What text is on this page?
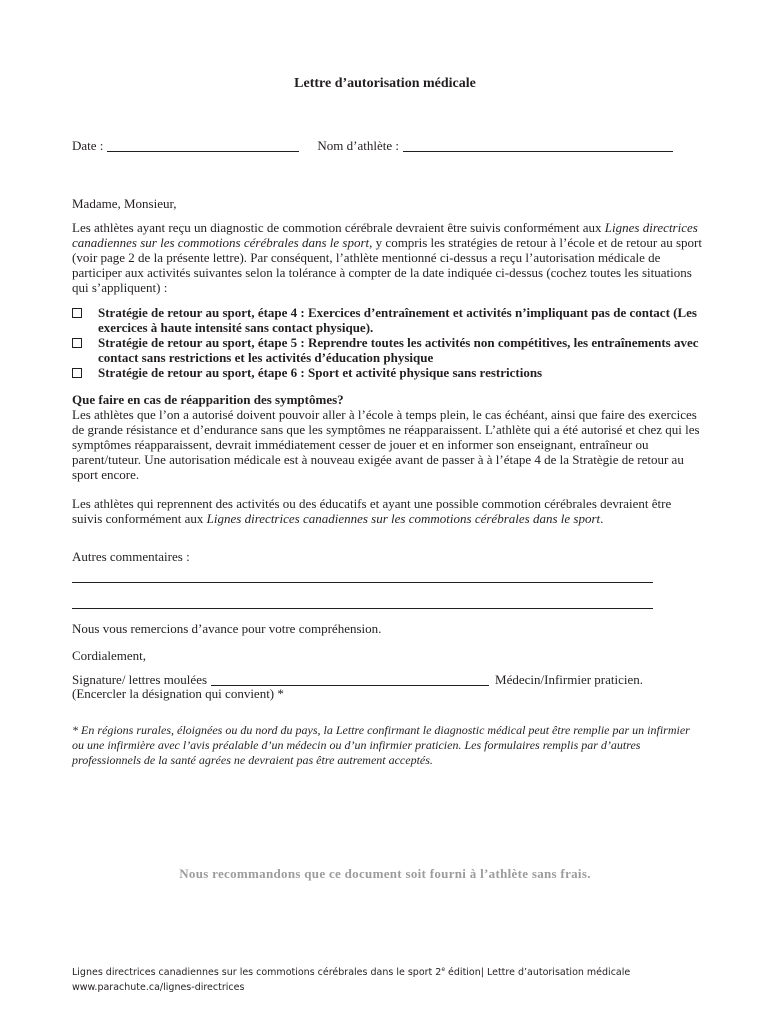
Lettre d’autorisation médicale
Date :	Nom d’athlète :

Madame, Monsieur,

Les athlètes ayant reçu un diagnostic de commotion cérébrale devraient être suivis conformément aux Lignes directrices canadiennes sur les commotions cérébrales dans le sport, y compris les stratégies de retour à l’école et de retour au sport (voir page 2 de la présente lettre). Par conséquent, l’athlète mentionné ci-dessus a reçu l’autorisation médicale de participer aux activités suivantes selon la tolérance à compter de la date indiquée ci-dessus (cochez toutes les situations qui s’appliquent) :

Stratégie de retour au sport, étape 4 : Exercices d’entraînement et activités n’impliquant pas de contact (Les exercices à haute intensité sans contact physique).
Stratégie de retour au sport, étape 5 : Reprendre toutes les activités non compétitives, les entraînements avec contact sans restrictions et les activités d’éducation physique
Stratégie de retour au sport, étape 6 : Sport et activité physique sans restrictions

Que faire en cas de réapparition des symptômes?

Les athlètes que l’on a autorisé doivent pouvoir aller à l’école à temps plein, le cas échéant, ainsi que faire des exercices de grande résistance et d’endurance sans que les symptômes ne réapparaissent. L’athlète qui a été autorisé et chez qui les symptômes réapparaissent, devrait immédiatement cesser de jouer et en informer son enseignant, entraîneur ou parent/tuteur. Une autorisation médicale est à nouveau exigée avant de passer à à l’étape 4 de la Stratègie de retour au sport encore.

Les athlètes qui reprennent des activités ou des éducatifs et ayant une possible commotion cérébrales devraient être suivis conformément aux Lignes directrices canadiennes sur les commotions cérébrales dans le sport.

Autres commentaires :
Nous vous remercions d’avance pour votre compréhension.
Cordialement,
Signature/ lettres moulées	Médecin/Infirmier praticien.
(Encercler la désignation qui convient) *
* En régions rurales, éloignées ou du nord du pays, la Lettre confirmant le diagnostic médical peut être remplie par un infirmier ou une infirmière avec l’avis préalable d’un médecin ou d’un infirmier praticien. Les formulaires remplis par d’autres professionnels de la santé agrées ne devraient pas être autrement acceptés.
Nous recommandons que ce document soit fourni à l’athlète sans frais.
Lignes directrices canadiennes sur les commotions cérébrales dans le sport 2e édition| Lettre d’autorisation médicale
www.parachute.ca/lignes-directrices
